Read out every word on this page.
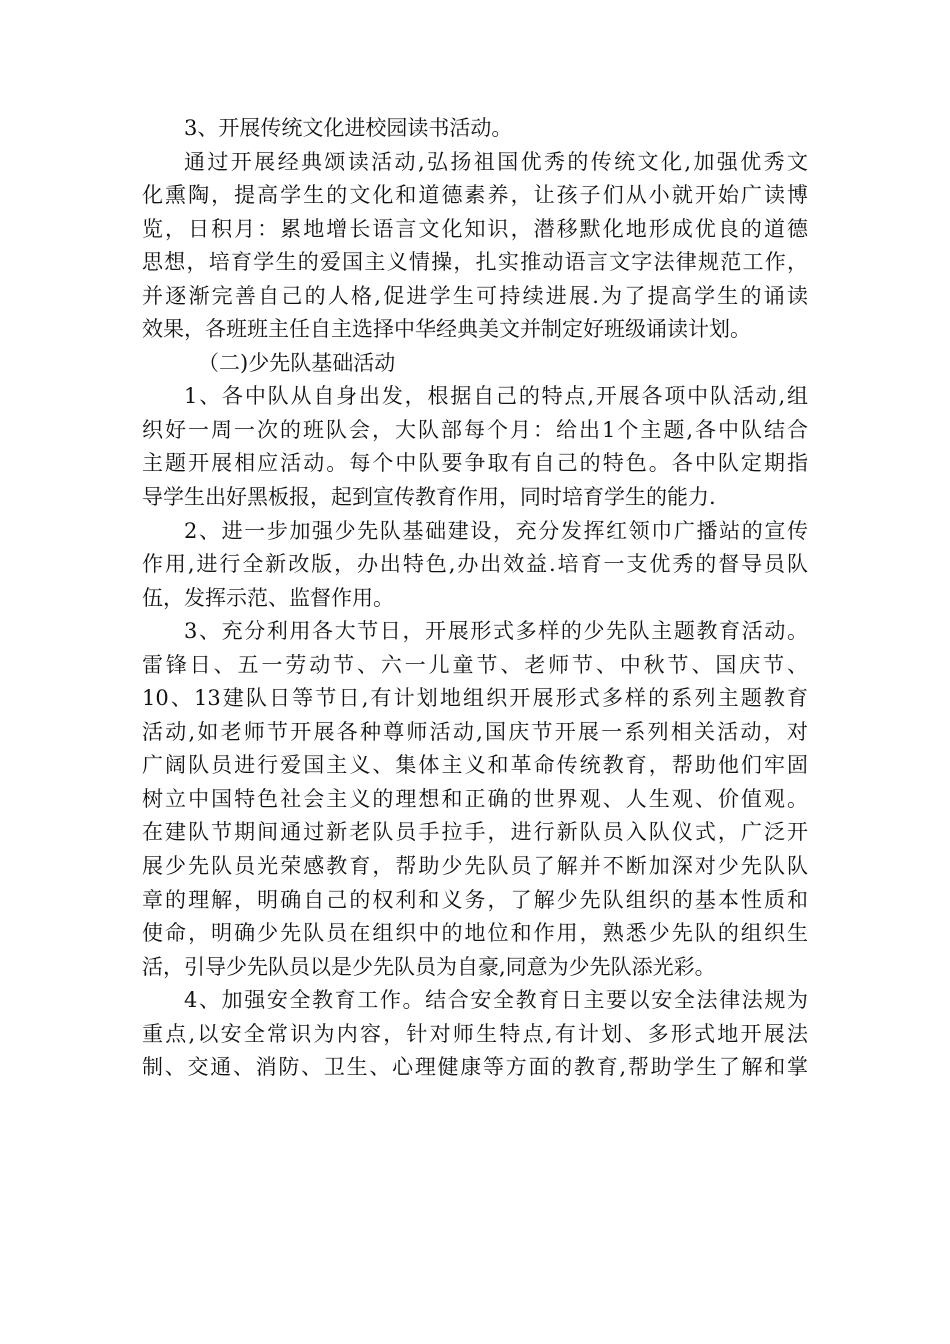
3、开展传统文化进校园读书活动。
通过开展经典颂读活动,弘扬祖国优秀的传统文化,加强优秀文
化熏陶，提高学生的文化和道德素养，让孩子们从小就开始广读博
览，日积月：累地增长语言文化知识，潜移默化地形成优良的道德
思想，培育学生的爱国主义情操，扎实推动语言文字法律规范工作，
并逐渐完善自己的人格,促进学生可持续进展.为了提高学生的诵读
效果，各班班主任自主选择中华经典美文并制定好班级诵读计划。
（二)少先队基础活动
1、各中队从自身出发，根据自己的特点,开展各项中队活动,组
织好一周一次的班队会，大队部每个月：给出1个主题,各中队结合
主题开展相应活动。每个中队要争取有自己的特色。各中队定期指
导学生出好黑板报，起到宣传教育作用，同时培育学生的能力.
2、进一步加强少先队基础建设，充分发挥红领巾广播站的宣传
作用,进行全新改版，办出特色,办出效益.培育一支优秀的督导员队
伍，发挥示范、监督作用。
3、充分利用各大节日，开展形式多样的少先队主题教育活动。
雷锋日、五一劳动节、六一儿童节、老师节、中秋节、国庆节、
10、13建队日等节日,有计划地组织开展形式多样的系列主题教育
活动,如老师节开展各种尊师活动,国庆节开展一系列相关活动，对
广阔队员进行爱国主义、集体主义和革命传统教育，帮助他们牢固
树立中国特色社会主义的理想和正确的世界观、人生观、价值观。
在建队节期间通过新老队员手拉手，进行新队员入队仪式，广泛开
展少先队员光荣感教育，帮助少先队员了解并不断加深对少先队队
章的理解，明确自己的权利和义务，了解少先队组织的基本性质和
使命，明确少先队员在组织中的地位和作用，熟悉少先队的组织生
活，引导少先队员以是少先队员为自豪,同意为少先队添光彩。
4、加强安全教育工作。结合安全教育日主要以安全法律法规为
重点,以安全常识为内容，针对师生特点,有计划、多形式地开展法
制、交通、消防、卫生、心理健康等方面的教育,帮助学生了解和掌
